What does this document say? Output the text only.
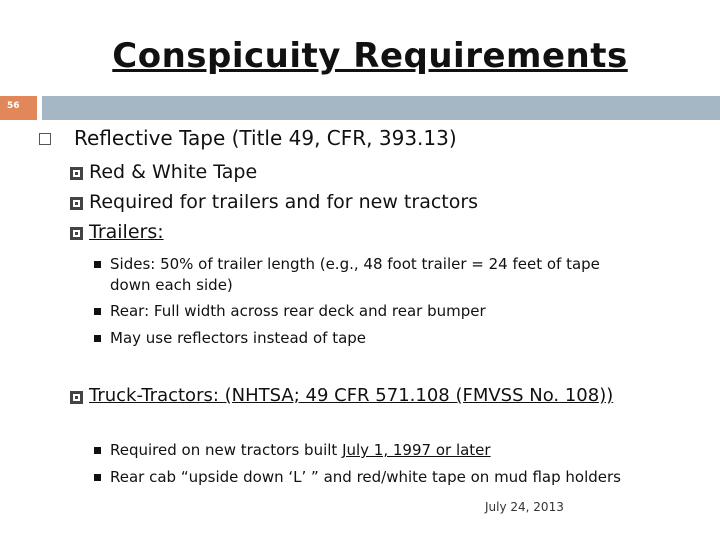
Conspicuity Requirements
56
Reflective Tape (Title 49, CFR, 393.13)
Red & White Tape
Required for trailers and for new tractors
Trailers:
Sides: 50% of trailer length (e.g., 48 foot trailer = 24 feet of tape
down each side)
Rear: Full width across rear deck and rear bumper
May use reflectors instead of tape
Truck-Tractors: (NHTSA; 49 CFR 571.108 (FMVSS No. 108))
Required on new tractors built July 1, 1997 or later
Rear cab “upside down ‘L’ ” and red/white tape on mud flap holders
July 24, 2013
